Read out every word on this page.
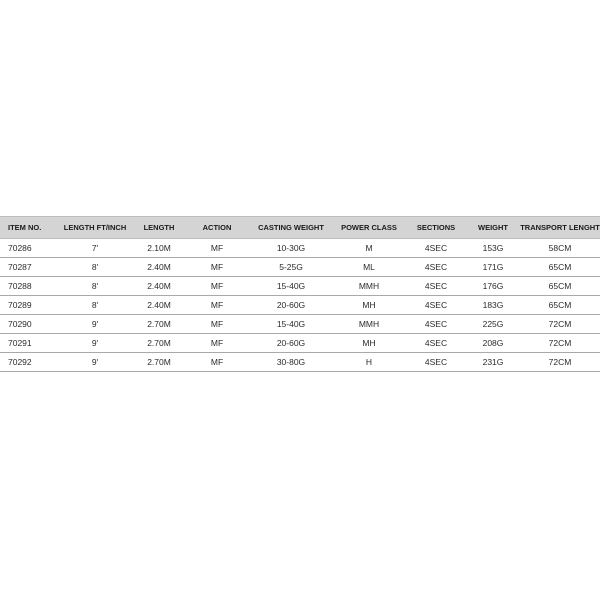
ITEM NO.	LENGTH FT/INCH	LENGTH	ACTION	CASTING WEIGHT	POWER CLASS	SECTIONS	WEIGHT	TRANSPORT LENGHT
70286	7'	2.10M	MF	10-30G	M	4SEC	153G	58CM
70287	8'	2.40M	MF	5-25G	ML	4SEC	171G	65CM
70288	8'	2.40M	MF	15-40G	MMH	4SEC	176G	65CM
70289	8'	2.40M	MF	20-60G	MH	4SEC	183G	65CM
70290	9'	2.70M	MF	15-40G	MMH	4SEC	225G	72CM
70291	9'	2.70M	MF	20-60G	MH	4SEC	208G	72CM
70292	9'	2.70M	MF	30-80G	H	4SEC	231G	72CM
